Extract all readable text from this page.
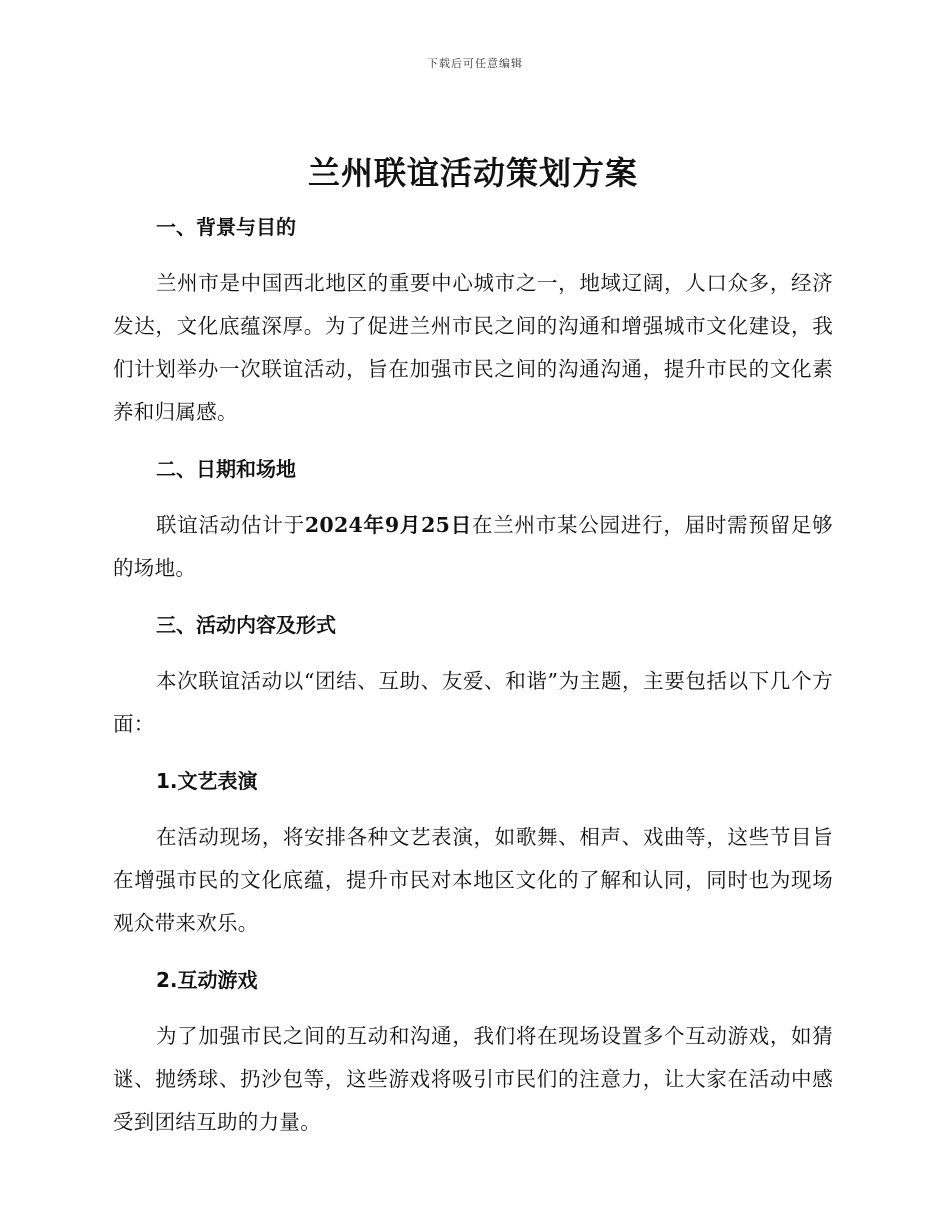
下载后可任意编辑
兰州联谊活动策划方案
一、背景与目的

兰州市是中国西北地区的重要中心城市之一，地域辽阔，人口众多，经济发达，文化底蕴深厚。为了促进兰州市民之间的沟通和增强城市文化建设，我们计划举办一次联谊活动，旨在加强市民之间的沟通沟通，提升市民的文化素养和归属感。

二、日期和场地

联谊活动估计于2024年9月25日在兰州市某公园进行，届时需预留足够的场地。

三、活动内容及形式

本次联谊活动以“团结、互助、友爱、和谐”为主题，主要包括以下几个方面：

1.文艺表演

在活动现场，将安排各种文艺表演，如歌舞、相声、戏曲等，这些节目旨在增强市民的文化底蕴，提升市民对本地区文化的了解和认同，同时也为现场观众带来欢乐。

2.互动游戏

为了加强市民之间的互动和沟通，我们将在现场设置多个互动游戏，如猜谜、抛绣球、扔沙包等，这些游戏将吸引市民们的注意力，让大家在活动中感受到团结互助的力量。
